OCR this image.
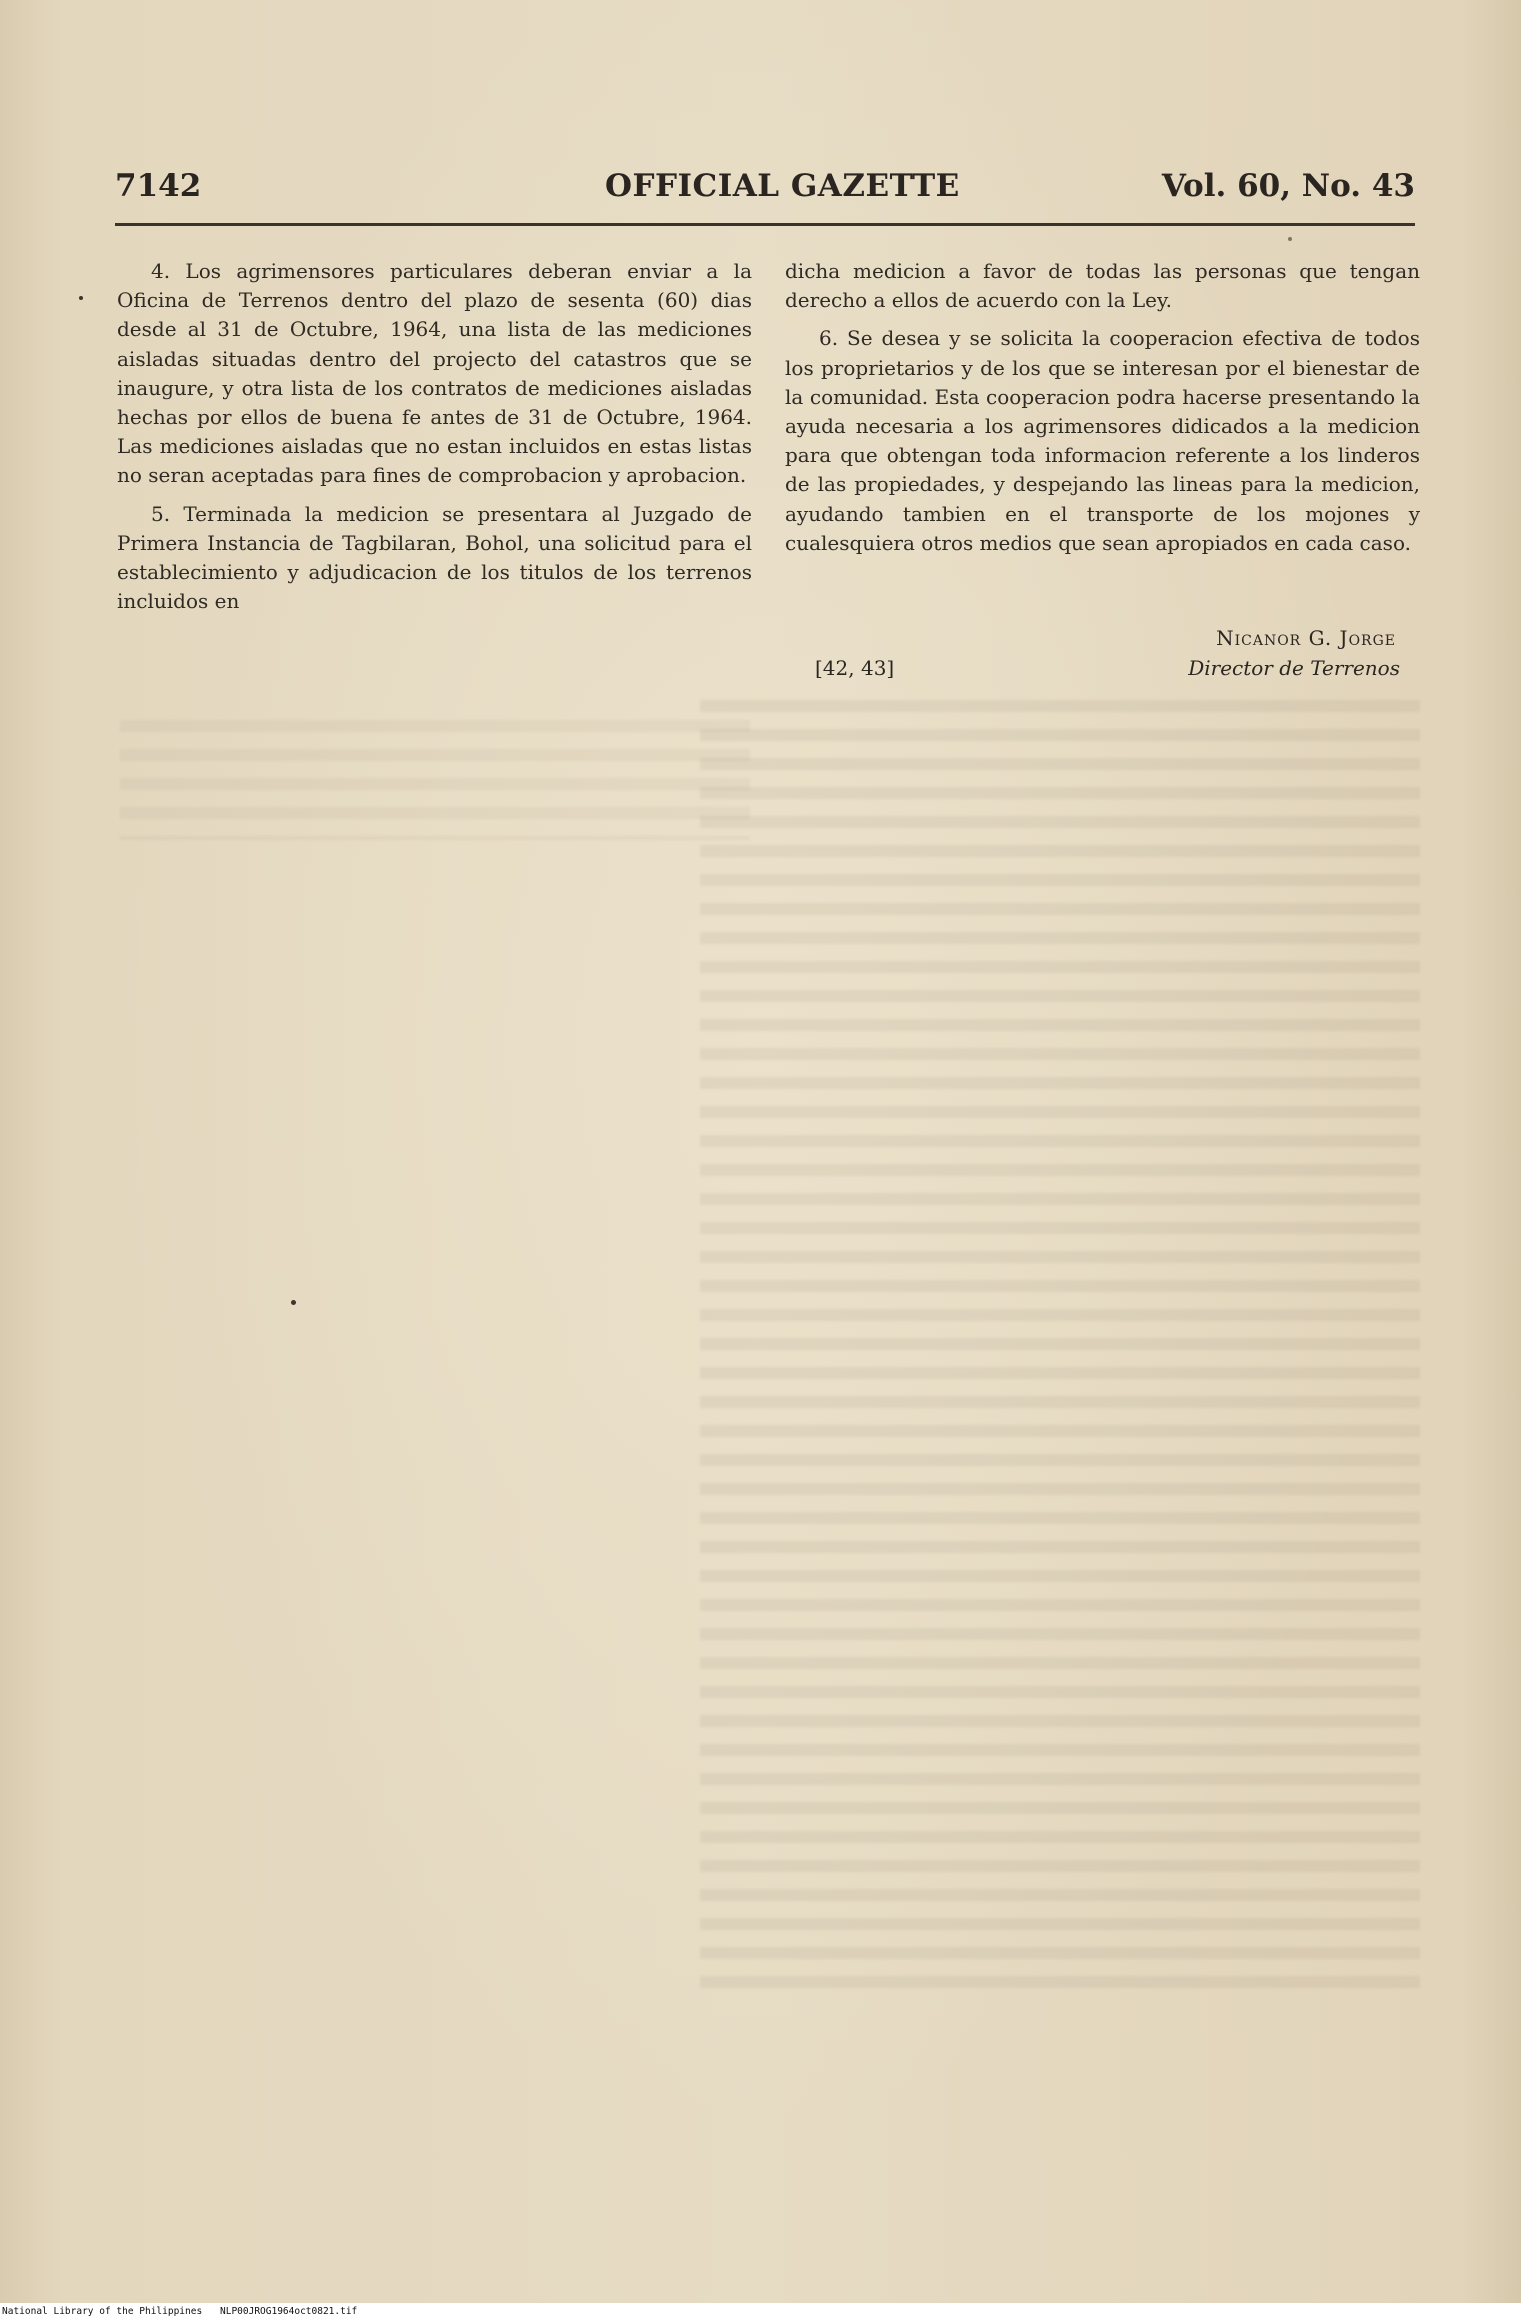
7142	OFFICIAL GAZETTE	Vol. 60, No. 43

4. Los agrimensores particulares deberan enviar a la Oficina de Terrenos dentro del plazo de sesenta (60) dias desde al 31 de Octubre, 1964, una lista de las mediciones aisladas situadas dentro del projecto del catastros que se inaugure, y otra lista de los contratos de mediciones aisladas hechas por ellos de buena fe antes de 31 de Octubre, 1964. Las mediciones aisladas que no estan incluidos en estas listas no seran aceptadas para fines de comprobacion y aprobacion.

5. Terminada la medicion se presentara al Juzgado de Primera Instancia de Tagbilaran, Bohol, una solicitud para el establecimiento y adjudicacion de los titulos de los terrenos incluidos en

dicha medicion a favor de todas las personas que tengan derecho a ellos de acuerdo con la Ley.

6. Se desea y se solicita la cooperacion efectiva de todos los proprietarios y de los que se interesan por el bienestar de la comunidad. Esta cooperacion podra hacerse presentando la ayuda necesaria a los agrimensores didicados a la medicion para que obtengan toda informacion referente a los linderos de las propiedades, y despejando las lineas para la medicion, ayudando tambien en el transporte de los mojones y cualesquiera otros medios que sean apropiados en cada caso.

Nicanor G. Jorge
[42, 43]	Director de Terrenos
National Library of the Philippines NLP00JROG1964oct0821.tif
